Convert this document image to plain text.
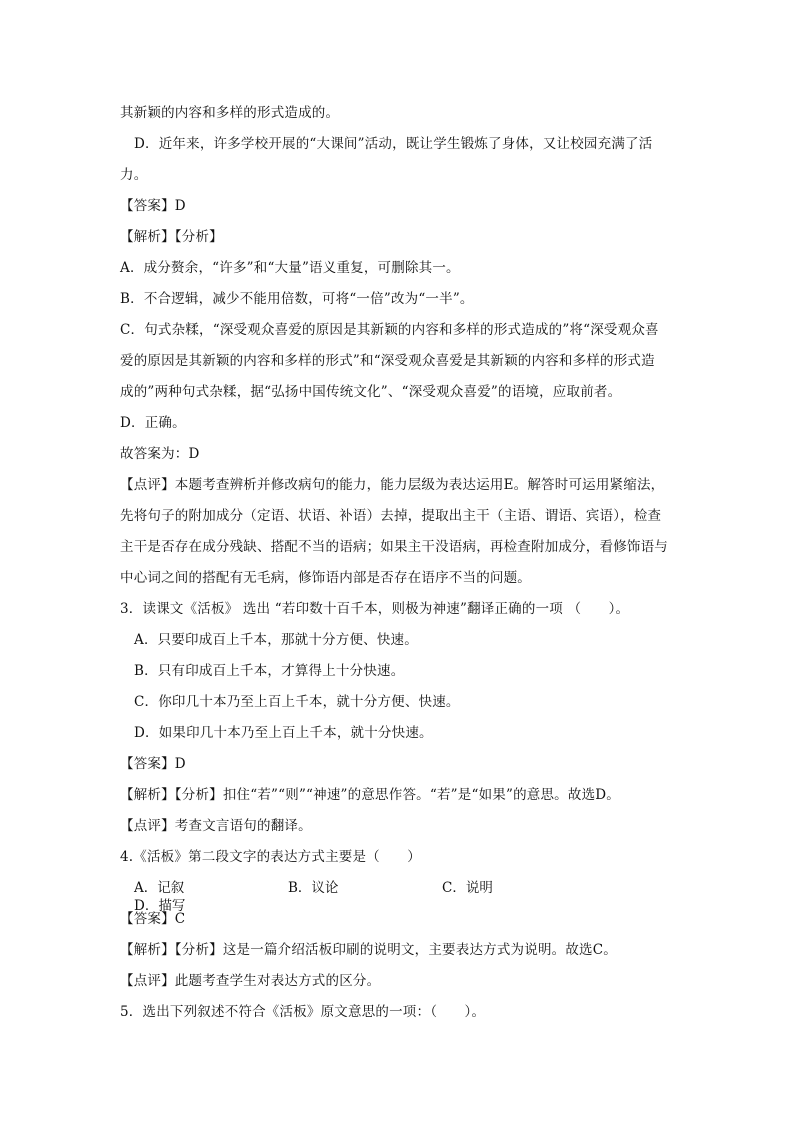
其新颖的内容和多样的形式造成的。
D．近年来，许多学校开展的“大课间”活动，既让学生锻炼了身体，又让校园充满了活
力。
【答案】D
【解析】【分析】
A．成分赘余，“许多”和“大量”语义重复，可删除其一。
B．不合逻辑，减少不能用倍数，可将“一倍”改为“一半”。
C．句式杂糅，“深受观众喜爱的原因是其新颖的内容和多样的形式造成的”将“深受观众喜
爱的原因是其新颖的内容和多样的形式”和“深受观众喜爱是其新颖的内容和多样的形式造
成的”两种句式杂糅，据“弘扬中国传统文化”、“深受观众喜爱”的语境，应取前者。
D．正确。
故答案为：D
【点评】本题考查辨析并修改病句的能力，能力层级为表达运用E。解答时可运用紧缩法，
先将句子的附加成分（定语、状语、补语）去掉，提取出主干（主语、谓语、宾语），检查
主干是否存在成分残缺、搭配不当的语病；如果主干没语病，再检查附加成分，看修饰语与
中心词之间的搭配有无毛病，修饰语内部是否存在语序不当的问题。
3．读课文《活板》 选出 “若印数十百千本，则极为神速”翻译正确的一项 （　　）。
A．只要印成百上千本，那就十分方便、快速。
B．只有印成百上千本，才算得上十分快速。
C．你印几十本乃至上百上千本，就十分方便、快速。
D．如果印几十本乃至上百上千本，就十分快速。
【答案】D
【解析】【分析】扣住“若”“则”“神速”的意思作答。“若”是“如果”的意思。故选D。
【点评】考查文言语句的翻译。
4.《活板》第二段文字的表达方式主要是（　　）
A．记叙	B．议论	C．说明D．描写
【答案】C
【解析】【分析】这是一篇介绍活板印刷的说明文，主要表达方式为说明。故选C。
【点评】此题考查学生对表达方式的区分。
5．选出下列叙述不符合《活板》原文意思的一项：（　　）。
